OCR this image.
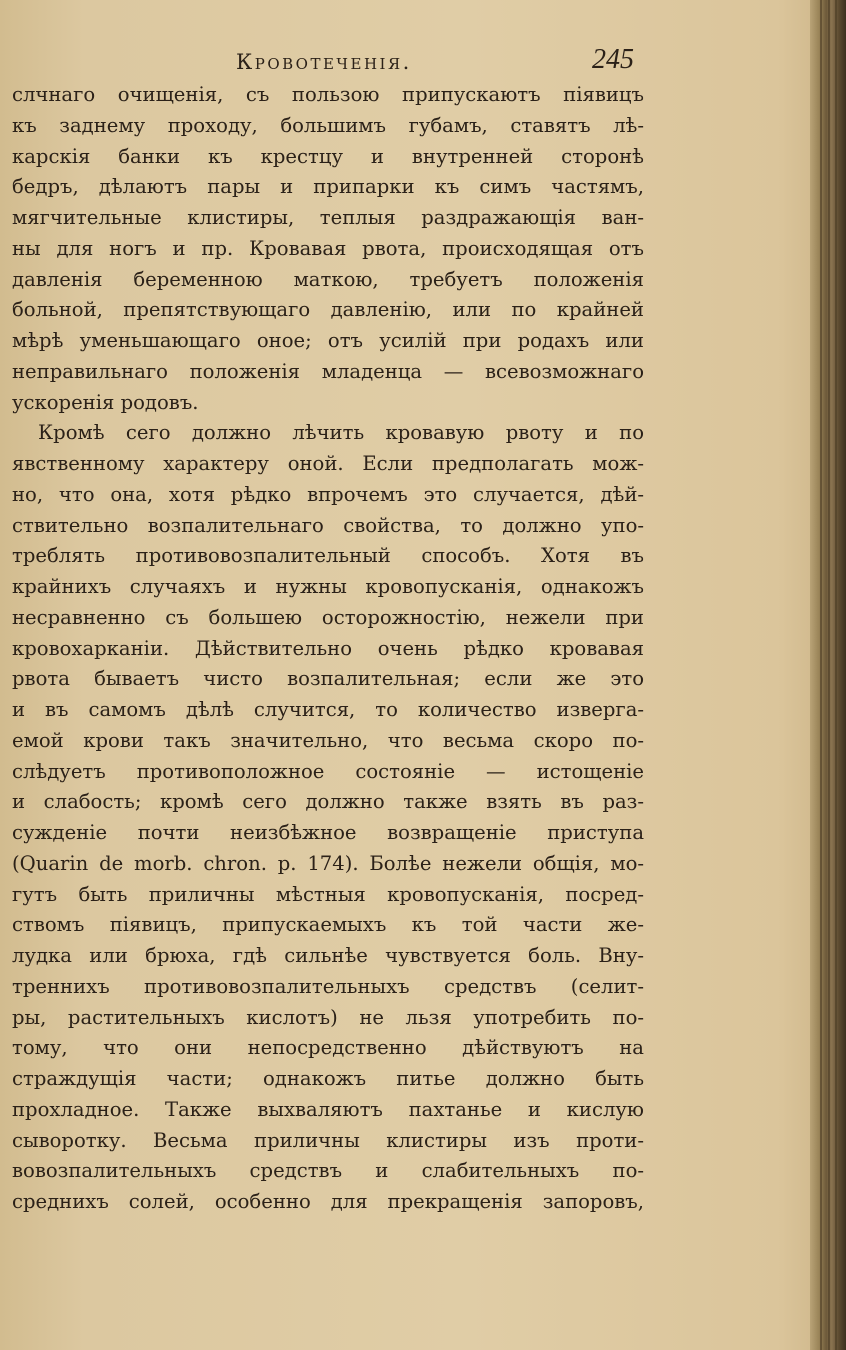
Кровотеченія.	245
слчнаго очищенія, съ пользою припускаютъ піявицъ
къ заднему проходу, большимъ губамъ, ставятъ лѣ-
карскія банки къ крестцу и внутренней сторонѣ
бедръ, дѣлаютъ пары и припарки къ симъ частямъ,
мягчительные клистиры, теплыя раздражающія ван-
ны для ногъ и пр. Кровавая рвота, происходящая отъ
давленія беременною маткою, требуетъ положенія
больной, препятствующаго давленію, или по крайней
мѣрѣ уменьшающаго оное; отъ усилій при родахъ или
неправильнаго положенія младенца — всевозможнаго
ускоренія родовъ.
Кромѣ сего должно лѣчить кровавую рвоту и по
явственному характеру оной. Если предполагать мож-
но, что она, хотя рѣдко впрочемъ это случается, дѣй-
ствительно возпалительнаго свойства, то должно упо-
треблять противовозпалительный способъ. Хотя въ
крайнихъ случаяхъ и нужны кровопусканія, однакожъ
несравненно съ большею осторожностію, нежели при
кровохарканіи. Дѣйствительно очень рѣдко кровавая
рвота бываетъ чисто возпалительная; если же это
и въ самомъ дѣлѣ случится, то количество изверга-
емой крови такъ значительно, что весьма скоро по-
слѣдуетъ противоположное состояніе — истощеніе
и слабость; кромѣ сего должно также взять въ раз-
сужденіе почти неизбѣжное возвращеніе приступа
(Quarin de morb. chron. p. 174). Болѣе нежели общія, мо-
гутъ быть приличны мѣстныя кровопусканія, посред-
ствомъ піявицъ, припускаемыхъ къ той части же-
лудка или брюха, гдѣ сильнѣе чувствуется боль. Вну-
треннихъ противовозпалительныхъ средствъ (селит-
ры, растительныхъ кислотъ) не льзя употребить по-
тому, что они непосредственно дѣйствуютъ на
страждущія части; однакожъ питье должно быть
прохладное. Также выхваляютъ пахтанье и кислую
сыворотку. Весьма приличны клистиры изъ проти-
вовозпалительныхъ средствъ и слабительныхъ по-
среднихъ солей, особенно для прекращенія запоровъ,
